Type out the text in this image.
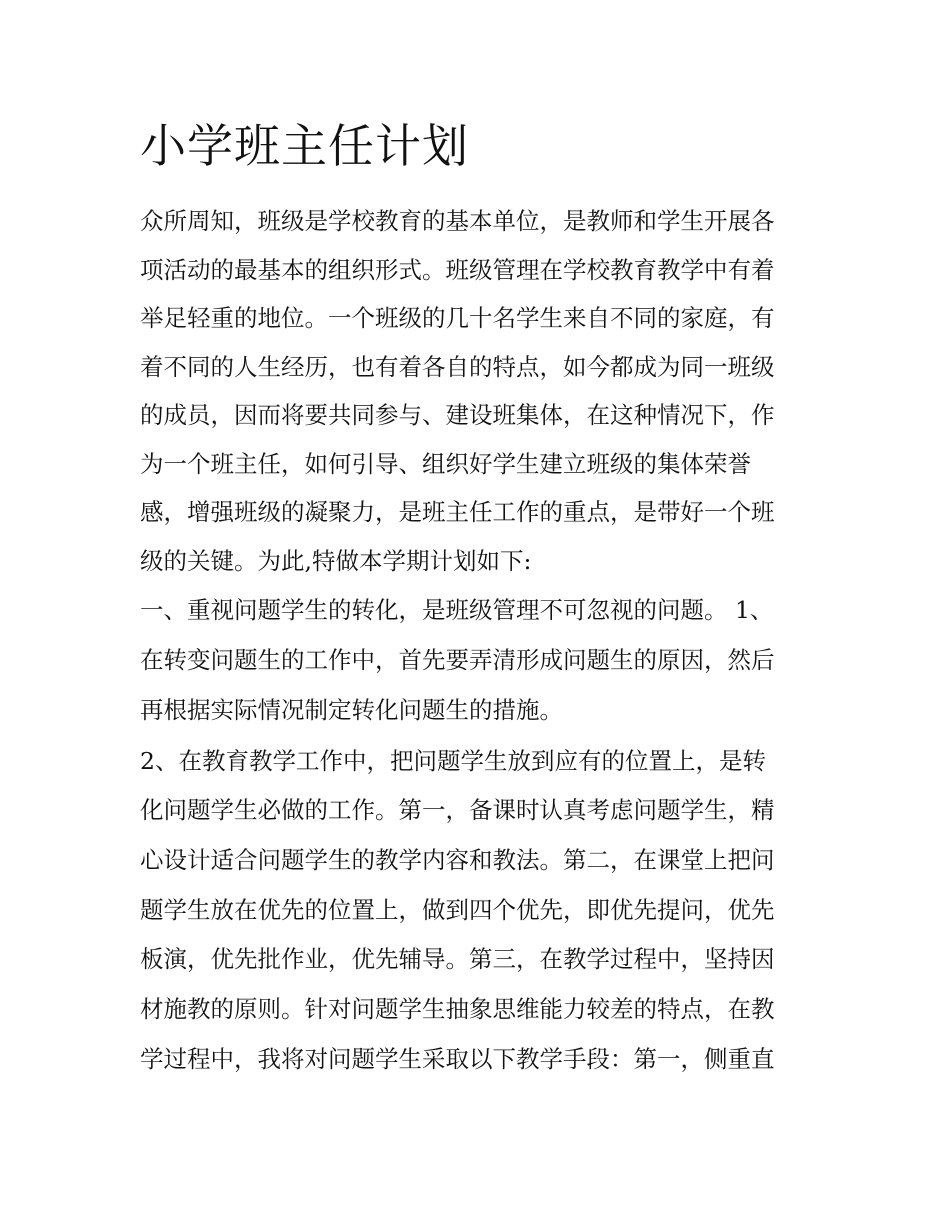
小学班主任计划

众所周知，班级是学校教育的基本单位，是教师和学生开展各

项活动的最基本的组织形式。班级管理在学校教育教学中有着

举足轻重的地位。一个班级的几十名学生来自不同的家庭，有

着不同的人生经历，也有着各自的特点，如今都成为同一班级

的成员，因而将要共同参与、建设班集体，在这种情况下，作

为一个班主任，如何引导、组织好学生建立班级的集体荣誉

感，增强班级的凝聚力，是班主任工作的重点，是带好一个班

级的关键。为此,特做本学期计划如下:

一、重视问题学生的转化，是班级管理不可忽视的问题。 1、

在转变问题生的工作中，首先要弄清形成问题生的原因，然后

再根据实际情况制定转化问题生的措施。

2、在教育教学工作中，把问题学生放到应有的位置上，是转

化问题学生必做的工作。第一，备课时认真考虑问题学生，精

心设计适合问题学生的教学内容和教法。第二，在课堂上把问

题学生放在优先的位置上，做到四个优先，即优先提问，优先

板演，优先批作业，优先辅导。第三，在教学过程中，坚持因

材施教的原则。针对问题学生抽象思维能力较差的特点，在教

学过程中，我将对问题学生采取以下教学手段：第一，侧重直
